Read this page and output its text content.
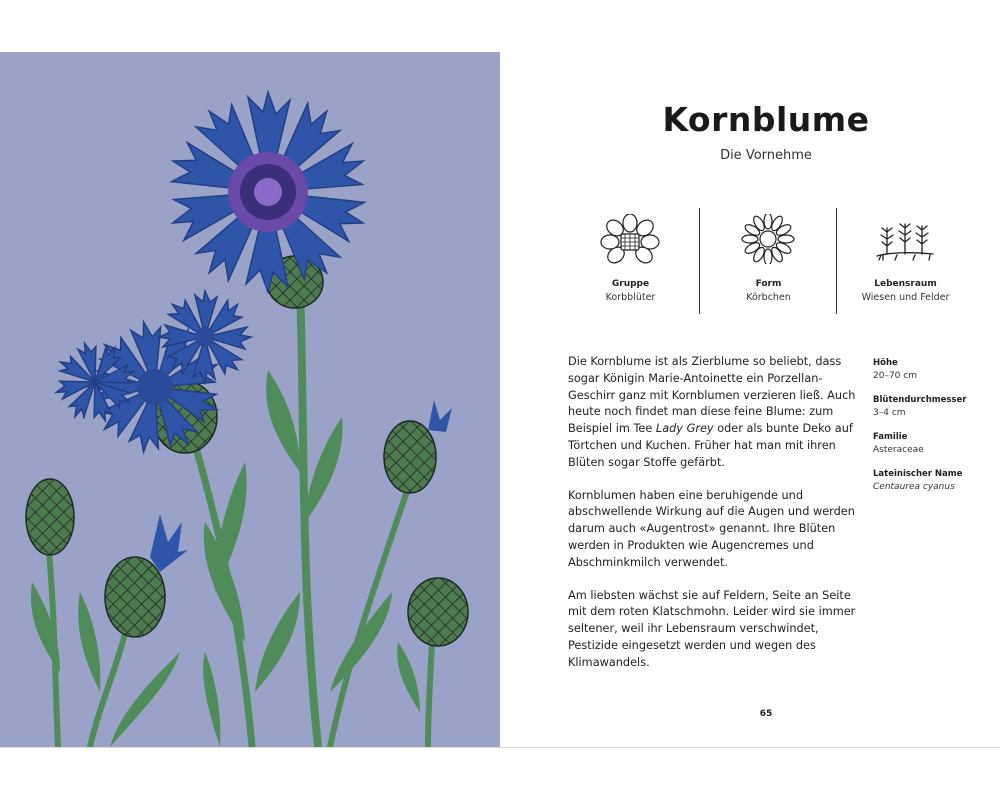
Kornblume
Die Vornehme
Gruppe
Korbblüter
Form
Körbchen
Lebensraum
Wiesen und Felder

Die Kornblume ist als Zierblume so beliebt, dass sogar Königin Marie-Antoinette ein Porzellan-Geschirr ganz mit Kornblumen verzieren ließ. Auch heute noch findet man diese feine Blume: zum Beispiel im Tee Lady Grey oder als bunte Deko auf Törtchen und Kuchen. Früher hat man mit ihren Blüten sogar Stoffe gefärbt.

Kornblumen haben eine beruhigende und abschwellende Wirkung auf die Augen und werden darum auch «Augentrost» genannt. Ihre Blüten werden in Produkten wie Augencremes und Abschminkmilch verwendet.

Am liebsten wächst sie auf Feldern, Seite an Seite mit dem roten Klatschmohn. Leider wird sie immer seltener, weil ihr Lebensraum verschwindet, Pestizide eingesetzt werden und wegen des Klimawandels.

Höhe
20–70 cm
Blütendurchmesser
3–4 cm
Familie
Asteraceae
Lateinischer Name
Centaurea cyanus
65
